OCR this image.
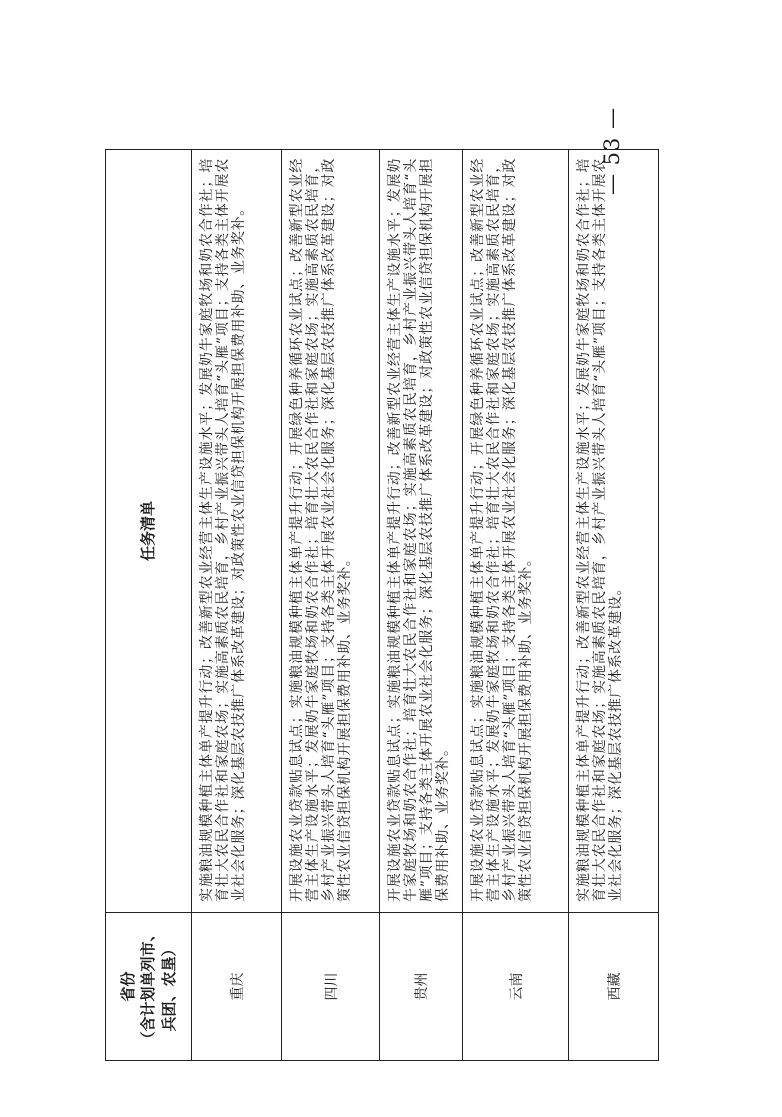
省份 （含计划单列市、 兵团、农垦）	任务清单
重庆	实施粮油规模种植主体单产提升行动；改善新型农业经营主体生产设施水平；发展奶牛家庭牧场和奶农合作社；培育壮大农民合作社和家庭农场；实施高素质农民培育，乡村产业振兴带头人培育“头雁”项目；支持各类主体开展农业社会化服务；深化基层农技推广体系改革建设；对政策性农业信贷担保机构开展担保费用补助、业务奖补。
四川	开展设施农业贷款贴息试点；实施粮油规模种植主体单产提升行动；开展绿色种养循环农业试点；改善新型农业经营主体生产设施水平；发展奶牛家庭牧场和奶农合作社；培育壮大农民合作社和家庭农场；实施高素质农民培育，乡村产业振兴带头人培育“头雁”项目；支持各类主体开展农业社会化服务；深化基层农技推广体系改革建设；对政策性农业信贷担保机构开展担保费用补助、业务奖补。
贵州	开展设施农业贷款贴息试点；实施粮油规模种植主体单产提升行动；改善新型农业经营主体生产设施水平；发展奶牛家庭牧场和奶农合作社；培育壮大农民合作社和家庭农场；实施高素质农民培育，乡村产业振兴带头人培育“头雁”项目；支持各类主体开展农业社会化服务；深化基层农技推广体系改革建设；对政策性农业信贷担保机构开展担保费用补助、业务奖补。
云南	开展设施农业贷款贴息试点；实施粮油规模种植主体单产提升行动；开展绿色种养循环农业试点；改善新型农业经营主体生产设施水平；发展奶牛家庭牧场和奶农合作社；培育壮大农民合作社和家庭农场；实施高素质农民培育，乡村产业振兴带头人培育“头雁”项目；支持各类主体开展农业社会化服务；深化基层农技推广体系改革建设；对政策性农业信贷担保机构开展担保费用补助、业务奖补。
西藏	实施粮油规模种植主体单产提升行动；改善新型农业经营主体生产设施水平；发展奶牛家庭牧场和奶农合作社；培育壮大农民合作社和家庭农场；实施高素质农民培育，乡村产业振兴带头人培育“头雁”项目；支持各类主体开展农业社会化服务；深化基层农技推广体系改革建设。
— 53 —
